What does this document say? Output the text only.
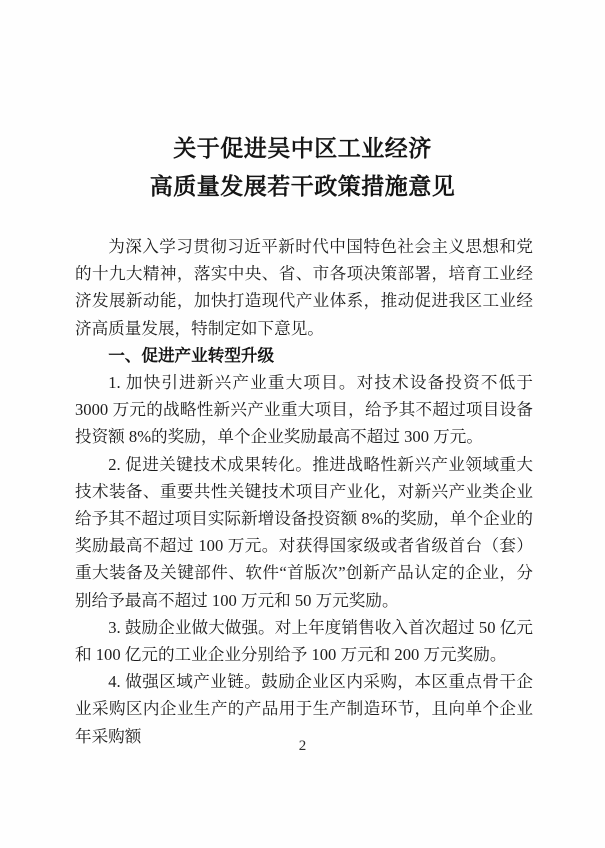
关于促进吴中区工业经济
高质量发展若干政策措施意见

为深入学习贯彻习近平新时代中国特色社会主义思想和党的十九大精神，落实中央、省、市各项决策部署，培育工业经济发展新动能，加快打造现代产业体系，推动促进我区工业经济高质量发展，特制定如下意见。

一、促进产业转型升级

1. 加快引进新兴产业重大项目。对技术设备投资不低于 3000 万元的战略性新兴产业重大项目，给予其不超过项目设备投资额 8%的奖励，单个企业奖励最高不超过 300 万元。

2. 促进关键技术成果转化。推进战略性新兴产业领域重大技术装备、重要共性关键技术项目产业化，对新兴产业类企业给予其不超过项目实际新增设备投资额 8%的奖励，单个企业的奖励最高不超过 100 万元。对获得国家级或者省级首台（套）重大装备及关键部件、软件“首版次”创新产品认定的企业，分别给予最高不超过 100 万元和 50 万元奖励。

3. 鼓励企业做大做强。对上年度销售收入首次超过 50 亿元和 100 亿元的工业企业分别给予 100 万元和 200 万元奖励。

4. 做强区域产业链。鼓励企业区内采购，本区重点骨干企业采购区内企业生产的产品用于生产制造环节，且向单个企业年采购额

2
